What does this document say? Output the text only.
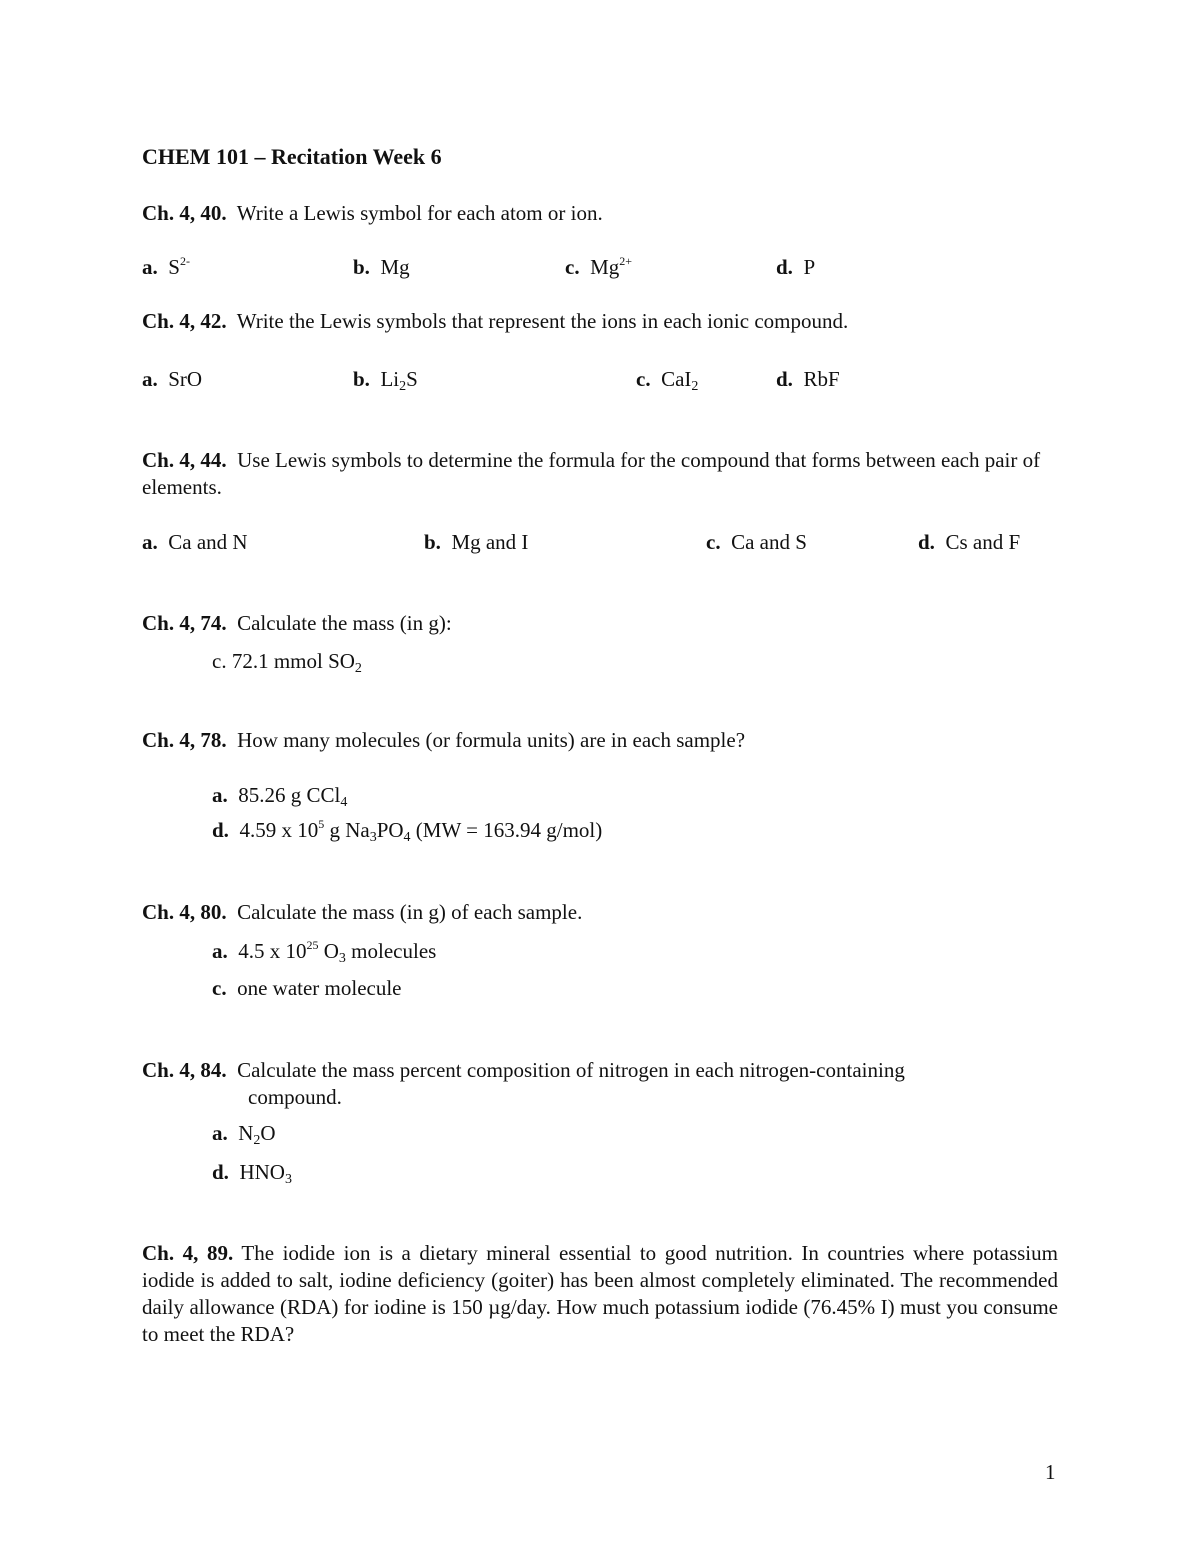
CHEM 101 – Recitation Week 6
Ch. 4, 40. Write a Lewis symbol for each atom or ion.
a. $S^{2-}$	b. Mg	c. $Mg^{2+}$	d. P
Ch. 4, 42. Write the Lewis symbols that represent the ions in each ionic compound.
a. SrO	b. $Li_2S$	c. CaI$_2$	d. RbF
Ch. 4, 44. Use Lewis symbols to determine the formula for the compound that forms between each pair of elements.
a. Ca and N	b. Mg and I	c. Ca and S	d. Cs and F
Ch. 4, 74. Calculate the mass (in g):
c. 72.1 mmol $SO_2$
Ch. 4, 78. How many molecules (or formula units) are in each sample?
a. 85.26 g CCl$_4$
d. 4.59 x $10^5$ g $Na_3PO_4$ (MW = 163.94 g/mol)
Ch. 4, 80. Calculate the mass (in g) of each sample.
a. 4.5 x $10^{25}$ $O_3$ molecules
c. one water molecule
Ch. 4, 84. Calculate the mass percent composition of nitrogen in each nitrogen-containing
compound.
a. $N_2O$
d. $HNO_3$
Ch. 4, 89. The iodide ion is a dietary mineral essential to good nutrition. In countries where potassium iodide is added to salt, iodine deficiency (goiter) has been almost completely eliminated. The recommended daily allowance (RDA) for iodine is 150 µg/day. How much potassium iodide (76.45% I) must you consume to meet the RDA?
1
